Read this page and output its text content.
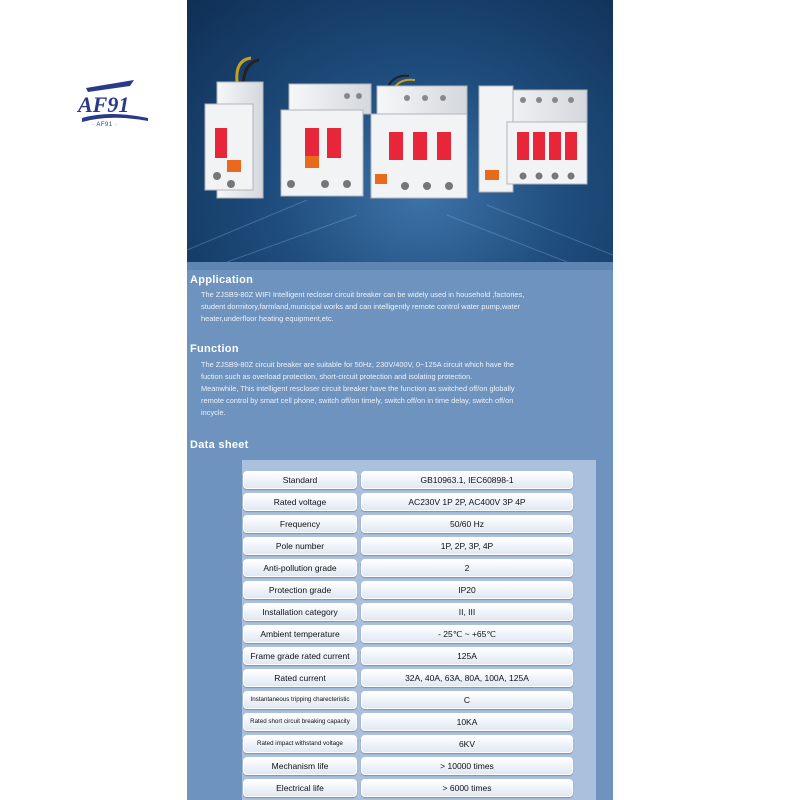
AF91
· AF91 ·
Application

The ZJSB9-80Z WIFI Intelligent recloser circuit breaker can be widely used in household ,factories,

student dormitory,farmland,municipal works and can intelligently remote control water pump,water

heater,underfloor heating equipment,etc.

Function

The ZJSB9-80Z circuit breaker are suitable for 50Hz, 230V/400V, 0~125A circuit which have the

fuction such as overload protection, short-circuit protection and isolating protection.

Meanwhile, This intelligent rescloser circuit breaker have the function as switched off/on globally

remote control by smart cell phone, switch off/on timely, switch off/on in time delay, switch off/on

incycle.

Data sheet
Standard	GB10963.1, IEC60898-1
Rated voltage	AC230V 1P 2P, AC400V 3P 4P
Frequency	50/60 Hz
Pole number	1P, 2P, 3P, 4P
Anti-pollution grade	2
Protection grade	IP20
Installation category	II, III
Ambient temperature	- 25℃ ~ +65℃
Frame grade rated current	125A
Rated current	32A, 40A, 63A, 80A, 100A, 125A
Instantaneous tripping charecteristic	C
Rated short circuit breaking capacity	10KA
Rated impact withstand voltage	6KV
Mechanism life	> 10000 times
Electrical life	> 6000 times
